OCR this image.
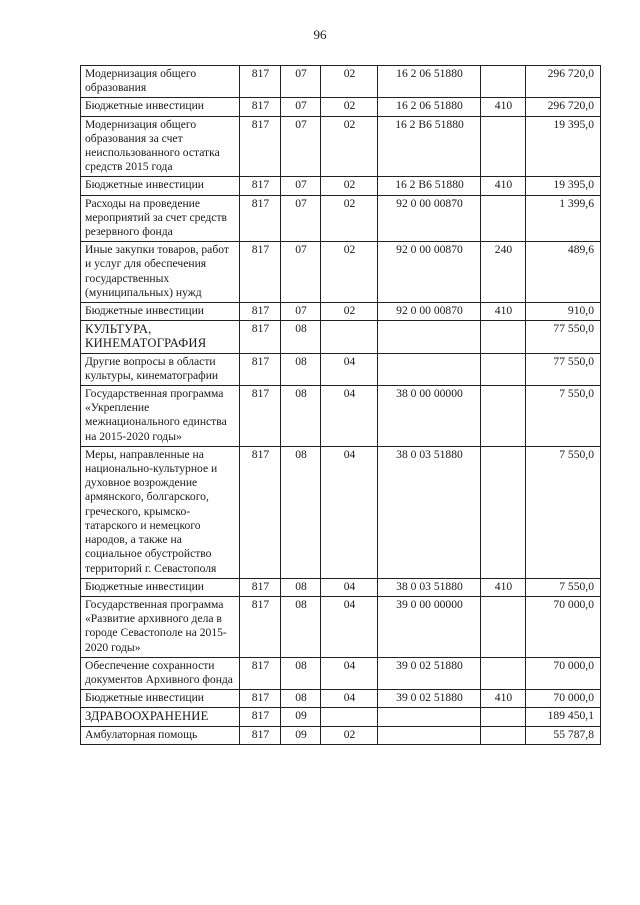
96
Модернизация общего образования	817	07	02	16 2 06 51880		296 720,0
Бюджетные инвестиции	817	07	02	16 2 06 51880	410	296 720,0
Модернизация общего образования за счет неиспользованного остатка средств 2015 года	817	07	02	16 2 В6 51880		19 395,0
Бюджетные инвестиции	817	07	02	16 2 В6 51880	410	19 395,0
Расходы на проведение мероприятий за счет средств резервного фонда	817	07	02	92 0 00 00870		1 399,6
Иные закупки товаров, работ и услуг для обеспечения государственных (муниципальных) нужд	817	07	02	92 0 00 00870	240	489,6
Бюджетные инвестиции	817	07	02	92 0 00 00870	410	910,0
КУЛЬТУРА, КИНЕМАТОГРАФИЯ	817	08				77 550,0
Другие вопросы в области культуры, кинематографии	817	08	04			77 550,0
Государственная программа «Укрепление межнационального единства на 2015-2020 годы»	817	08	04	38 0 00 00000		7 550,0
Меры, направленные на национально-культурное и духовное возрождение армянского, болгарского, греческого, крымско-татарского и немецкого народов, а также на социальное обустройство территорий г. Севастополя	817	08	04	38 0 03 51880		7 550,0
Бюджетные инвестиции	817	08	04	38 0 03 51880	410	7 550,0
Государственная программа «Развитие архивного дела в городе Севастополе на 2015-2020 годы»	817	08	04	39 0 00 00000		70 000,0
Обеспечение сохранности документов Архивного фонда	817	08	04	39 0 02 51880		70 000,0
Бюджетные инвестиции	817	08	04	39 0 02 51880	410	70 000,0
ЗДРАВООХРАНЕНИЕ	817	09				189 450,1
Амбулаторная помощь	817	09	02			55 787,8
